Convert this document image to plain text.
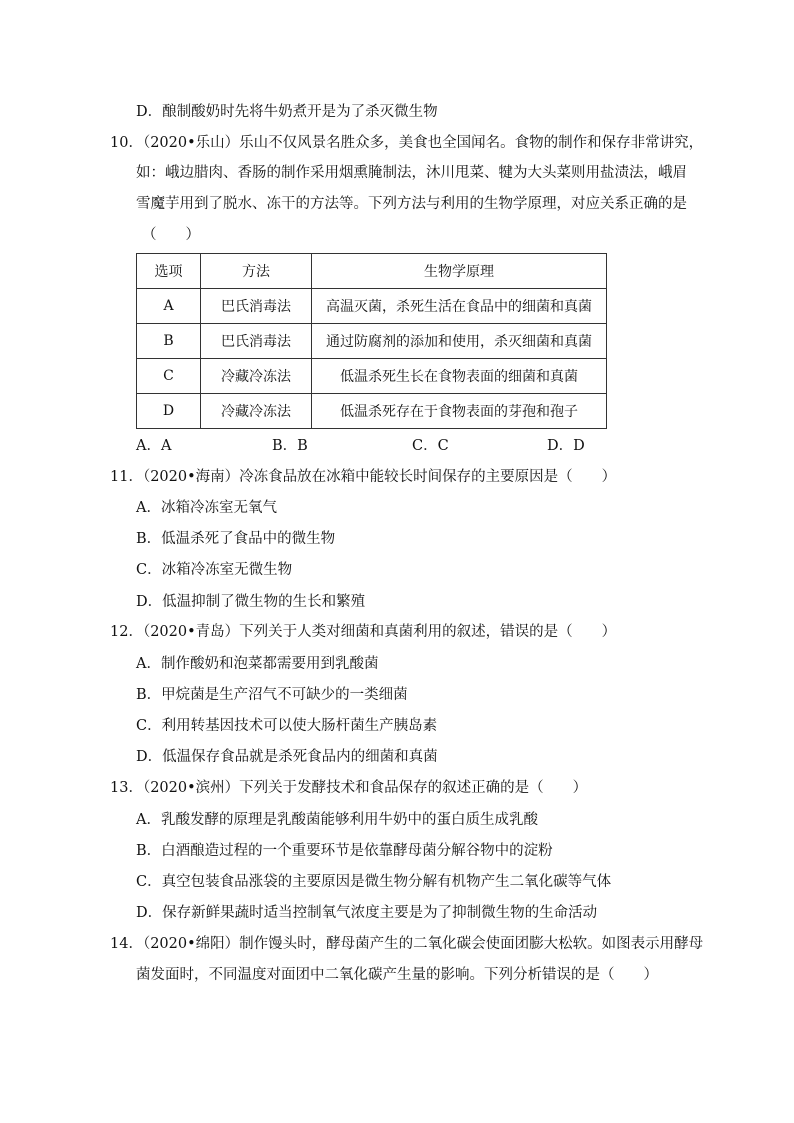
D．酿制酸奶时先将牛奶煮开是为了杀灭微生物
10．（2020•乐山）乐山不仅风景名胜众多，美食也全国闻名。食物的制作和保存非常讲究，
如：峨边腊肉、香肠的制作采用烟熏腌制法，沐川甩菜、犍为大头菜则用盐渍法，峨眉
雪魔芋用到了脱水、冻干的方法等。下列方法与利用的生物学原理，对应关系正确的是
（　　）
选项	方法	生物学原理
A	巴氏消毒法	高温灭菌，杀死生活在食品中的细菌和真菌
B	巴氏消毒法	通过防腐剂的添加和使用，杀灭细菌和真菌
C	冷藏冷冻法	低温杀死生长在食物表面的细菌和真菌
D	冷藏冷冻法	低温杀死存在于食物表面的芽孢和孢子
A．A	B．B	C．C	D．D
11．（2020•海南）冷冻食品放在冰箱中能较长时间保存的主要原因是（　　）
A．冰箱冷冻室无氧气
B．低温杀死了食品中的微生物
C．冰箱冷冻室无微生物
D．低温抑制了微生物的生长和繁殖
12．（2020•青岛）下列关于人类对细菌和真菌利用的叙述，错误的是（　　）
A．制作酸奶和泡菜都需要用到乳酸菌
B．甲烷菌是生产沼气不可缺少的一类细菌
C．利用转基因技术可以使大肠杆菌生产胰岛素
D．低温保存食品就是杀死食品内的细菌和真菌
13．（2020•滨州）下列关于发酵技术和食品保存的叙述正确的是（　　）
A．乳酸发酵的原理是乳酸菌能够利用牛奶中的蛋白质生成乳酸
B．白酒酿造过程的一个重要环节是依靠酵母菌分解谷物中的淀粉
C．真空包装食品涨袋的主要原因是微生物分解有机物产生二氧化碳等气体
D．保存新鲜果蔬时适当控制氧气浓度主要是为了抑制微生物的生命活动
14．（2020•绵阳）制作馒头时，酵母菌产生的二氧化碳会使面团膨大松软。如图表示用酵母
菌发面时，不同温度对面团中二氧化碳产生量的影响。下列分析错误的是（　　）
